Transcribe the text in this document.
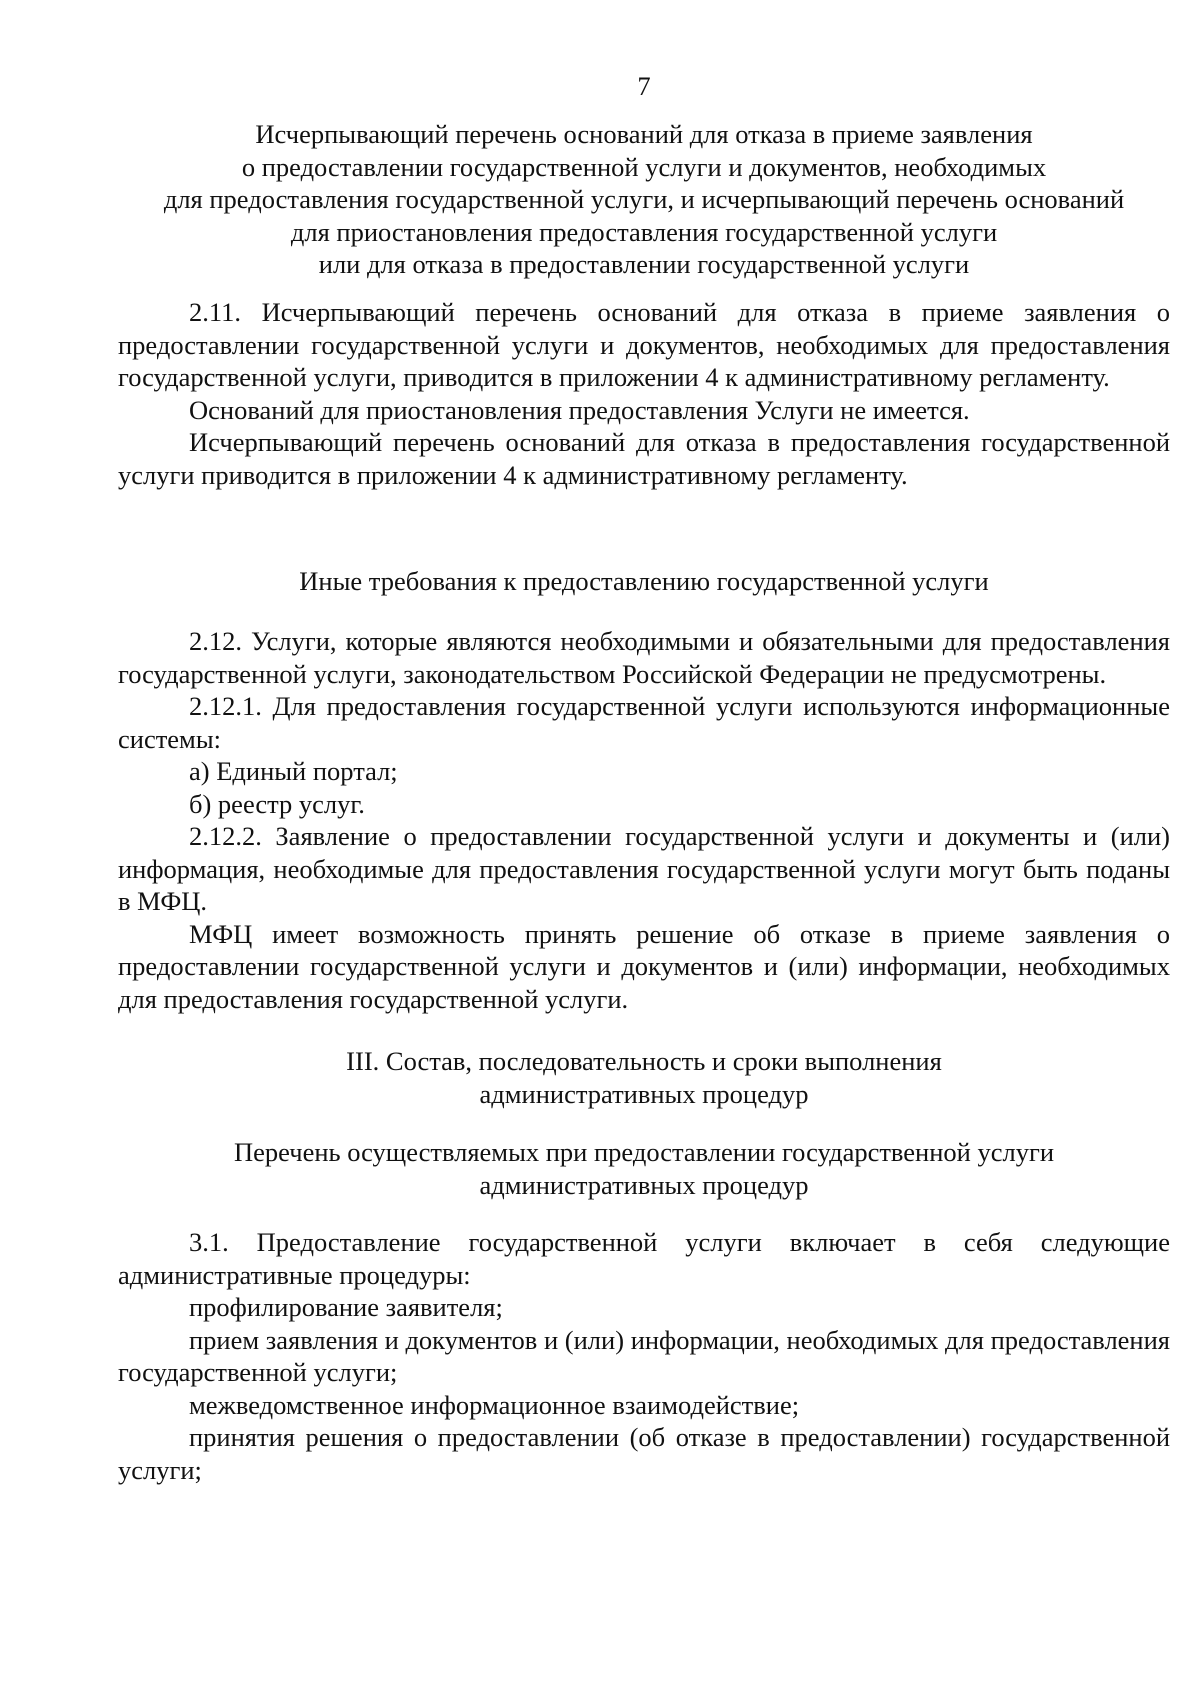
7
Исчерпывающий перечень оснований для отказа в приеме заявления
о предоставлении государственной услуги и документов, необходимых
для предоставления государственной услуги, и исчерпывающий перечень оснований
для приостановления предоставления государственной услуги
или для отказа в предоставлении государственной услуги
2.11. Исчерпывающий перечень оснований для отказа в приеме заявления о предоставлении государственной услуги и документов, необходимых для предоставления государственной услуги, приводится в приложении 4 к административному регламенту.
Оснований для приостановления предоставления Услуги не имеется.
Исчерпывающий перечень оснований для отказа в предоставления государственной услуги приводится в приложении 4 к административному регламенту.
Иные требования к предоставлению государственной услуги
2.12. Услуги, которые являются необходимыми и обязательными для предоставления государственной услуги, законодательством Российской Федерации не предусмотрены.
2.12.1. Для предоставления государственной услуги используются информационные системы:
а) Единый портал;
б) реестр услуг.
2.12.2. Заявление о предоставлении государственной услуги и документы и (или) информация, необходимые для предоставления государственной услуги могут быть поданы в МФЦ.
МФЦ имеет возможность принять решение об отказе в приеме заявления о предоставлении государственной услуги и документов и (или) информации, необходимых для предоставления государственной услуги.
III. Состав, последовательность и сроки выполнения
административных процедур
Перечень осуществляемых при предоставлении государственной услуги
административных процедур
3.1. Предоставление государственной услуги включает в себя следующие административные процедуры:
профилирование заявителя;
прием заявления и документов и (или) информации, необходимых для предоставления государственной услуги;
межведомственное информационное взаимодействие;
принятия решения о предоставлении (об отказе в предоставлении) государственной услуги;
